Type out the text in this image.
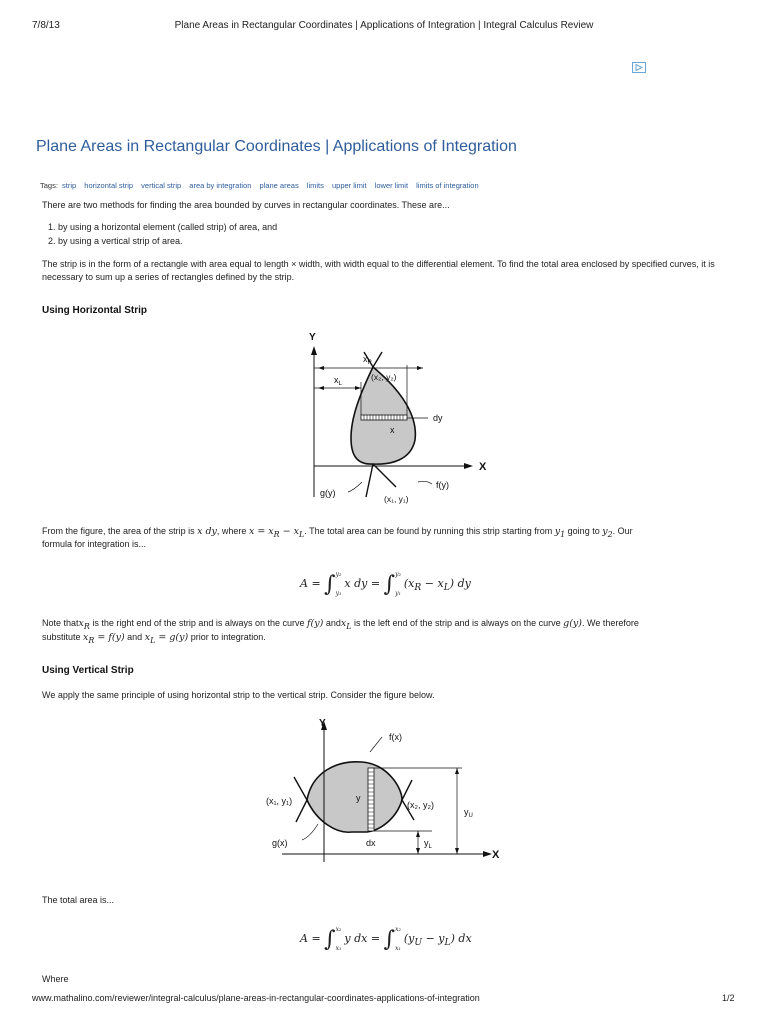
7/8/13	Plane Areas in Rectangular Coordinates | Applications of Integration | Integral Calculus Review
Plane Areas in Rectangular Coordinates | Applications of Integration
Tags: strip horizontal strip vertical strip area by integration plane areas limits upper limit lower limit limits of integration
There are two methods for finding the area bounded by curves in rectangular coordinates. These are...
1. by using a horizontal element (called strip) of area, and
2. by using a vertical strip of area.
The strip is in the form of a rectangle with area equal to length × width, with width equal to the differential element. To find the total area enclosed by specified curves, it is necessary to sum up a series of rectangles defined by the strip.
Using Horizontal Strip
Y
X
$x_R$
$x_L$
(x₂, y₂)
dy
x
f(y)
g(y)
(x₁, y₁)
From the figure, the area of the strip is x dy, where $x = x_R - x_L$. The total area can be found by running this strip starting from $y_1$ going to $y_2$. Our
formula for integration is...
A = ∫ y₂
y₁
x dy = ∫ y₂
y₁
$(x_R - x_L)$ dy
Note thatx$_R$ is the right end of the strip and is always on the curve f(y) andx$_L$ is the left end of the strip and is always on the curve g(y). We therefore
substitute $x_R = f(y)$ and $x_L = g(y)$ prior to integration.
Using Vertical Strip
We apply the same principle of using horizontal strip to the vertical strip. Consider the figure below.
Y
X
f(x)
(x₁, y₁)	(x₂, y₂)
y
g(x)	dx
$y_U$
$y_L$
The total area is...
A = ∫ x₂
x₁
y dx = ∫ x₂
x₁
$(y_U - y_L)$ dx
Where
www.mathalino.com/reviewer/integral-calculus/plane-areas-in-rectangular-coordinates-applications-of-integration	1/2
